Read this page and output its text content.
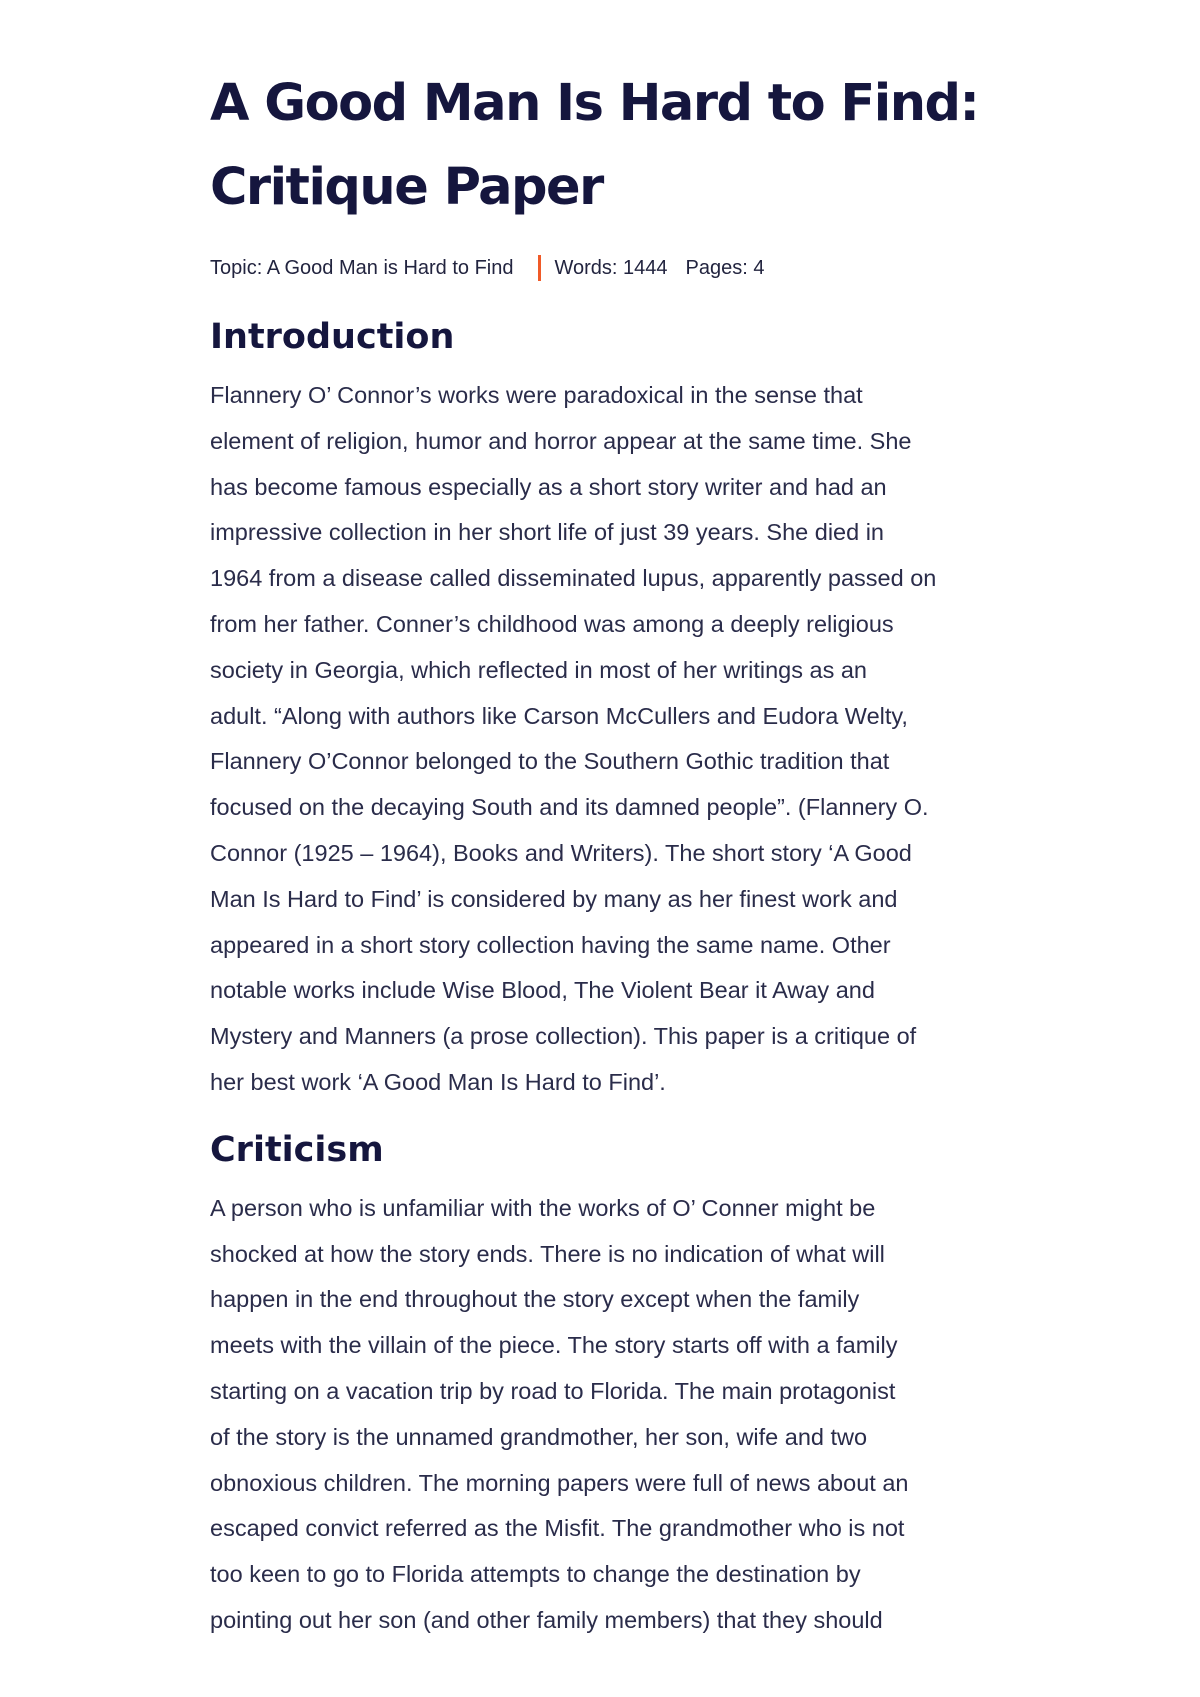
A Good Man Is Hard to Find:
Critique Paper
Topic: A Good Man is Hard to Find Words: 1444 Pages: 4
Introduction
Flannery O’ Connor’s works were paradoxical in the sense that
element of religion, humor and horror appear at the same time. She
has become famous especially as a short story writer and had an
impressive collection in her short life of just 39 years. She died in
1964 from a disease called disseminated lupus, apparently passed on
from her father. Conner’s childhood was among a deeply religious
society in Georgia, which reflected in most of her writings as an
adult. “Along with authors like Carson McCullers and Eudora Welty,
Flannery O’Connor belonged to the Southern Gothic tradition that
focused on the decaying South and its damned people”. (Flannery O.
Connor (1925 – 1964), Books and Writers). The short story ‘A Good
Man Is Hard to Find’ is considered by many as her finest work and
appeared in a short story collection having the same name. Other
notable works include Wise Blood, The Violent Bear it Away and
Mystery and Manners (a prose collection). This paper is a critique of
her best work ‘A Good Man Is Hard to Find’.
Criticism
A person who is unfamiliar with the works of O’ Conner might be
shocked at how the story ends. There is no indication of what will
happen in the end throughout the story except when the family
meets with the villain of the piece. The story starts off with a family
starting on a vacation trip by road to Florida. The main protagonist
of the story is the unnamed grandmother, her son, wife and two
obnoxious children. The morning papers were full of news about an
escaped convict referred as the Misfit. The grandmother who is not
too keen to go to Florida attempts to change the destination by
pointing out her son (and other family members) that they should
